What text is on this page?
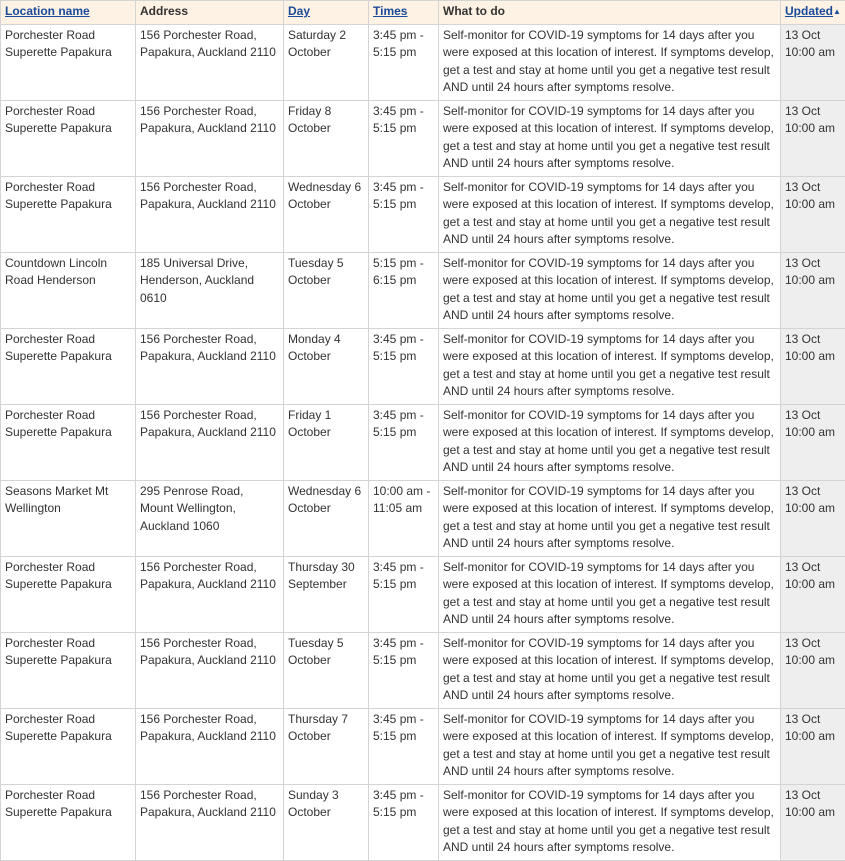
Location name	Address	Day	Times	What to do	Updated▲
Porchester Road Superette Papakura	156 Porchester Road, Papakura, Auckland 2110	Saturday 2 October	3:45 pm - 5:15 pm	Self-monitor for COVID-19 symptoms for 14 days after you were exposed at this location of interest. If symptoms develop, get a test and stay at home until you get a negative test result AND until 24 hours after symptoms resolve.	13 Oct 10:00 am
Porchester Road Superette Papakura	156 Porchester Road, Papakura, Auckland 2110	Friday 8 October	3:45 pm - 5:15 pm	Self-monitor for COVID-19 symptoms for 14 days after you were exposed at this location of interest. If symptoms develop, get a test and stay at home until you get a negative test result AND until 24 hours after symptoms resolve.	13 Oct 10:00 am
Porchester Road Superette Papakura	156 Porchester Road, Papakura, Auckland 2110	Wednesday 6 October	3:45 pm - 5:15 pm	Self-monitor for COVID-19 symptoms for 14 days after you were exposed at this location of interest. If symptoms develop, get a test and stay at home until you get a negative test result AND until 24 hours after symptoms resolve.	13 Oct 10:00 am
Countdown Lincoln Road Henderson	185 Universal Drive, Henderson, Auckland 0610	Tuesday 5 October	5:15 pm - 6:15 pm	Self-monitor for COVID-19 symptoms for 14 days after you were exposed at this location of interest. If symptoms develop, get a test and stay at home until you get a negative test result AND until 24 hours after symptoms resolve.	13 Oct 10:00 am
Porchester Road Superette Papakura	156 Porchester Road, Papakura, Auckland 2110	Monday 4 October	3:45 pm - 5:15 pm	Self-monitor for COVID-19 symptoms for 14 days after you were exposed at this location of interest. If symptoms develop, get a test and stay at home until you get a negative test result AND until 24 hours after symptoms resolve.	13 Oct 10:00 am
Porchester Road Superette Papakura	156 Porchester Road, Papakura, Auckland 2110	Friday 1 October	3:45 pm - 5:15 pm	Self-monitor for COVID-19 symptoms for 14 days after you were exposed at this location of interest. If symptoms develop, get a test and stay at home until you get a negative test result AND until 24 hours after symptoms resolve.	13 Oct 10:00 am
Seasons Market Mt Wellington	295 Penrose Road, Mount Wellington, Auckland 1060	Wednesday 6 October	10:00 am - 11:05 am	Self-monitor for COVID-19 symptoms for 14 days after you were exposed at this location of interest. If symptoms develop, get a test and stay at home until you get a negative test result AND until 24 hours after symptoms resolve.	13 Oct 10:00 am
Porchester Road Superette Papakura	156 Porchester Road, Papakura, Auckland 2110	Thursday 30 September	3:45 pm - 5:15 pm	Self-monitor for COVID-19 symptoms for 14 days after you were exposed at this location of interest. If symptoms develop, get a test and stay at home until you get a negative test result AND until 24 hours after symptoms resolve.	13 Oct 10:00 am
Porchester Road Superette Papakura	156 Porchester Road, Papakura, Auckland 2110	Tuesday 5 October	3:45 pm - 5:15 pm	Self-monitor for COVID-19 symptoms for 14 days after you were exposed at this location of interest. If symptoms develop, get a test and stay at home until you get a negative test result AND until 24 hours after symptoms resolve.	13 Oct 10:00 am
Porchester Road Superette Papakura	156 Porchester Road, Papakura, Auckland 2110	Thursday 7 October	3:45 pm - 5:15 pm	Self-monitor for COVID-19 symptoms for 14 days after you were exposed at this location of interest. If symptoms develop, get a test and stay at home until you get a negative test result AND until 24 hours after symptoms resolve.	13 Oct 10:00 am
Porchester Road Superette Papakura	156 Porchester Road, Papakura, Auckland 2110	Sunday 3 October	3:45 pm - 5:15 pm	Self-monitor for COVID-19 symptoms for 14 days after you were exposed at this location of interest. If symptoms develop, get a test and stay at home until you get a negative test result AND until 24 hours after symptoms resolve.	13 Oct 10:00 am
